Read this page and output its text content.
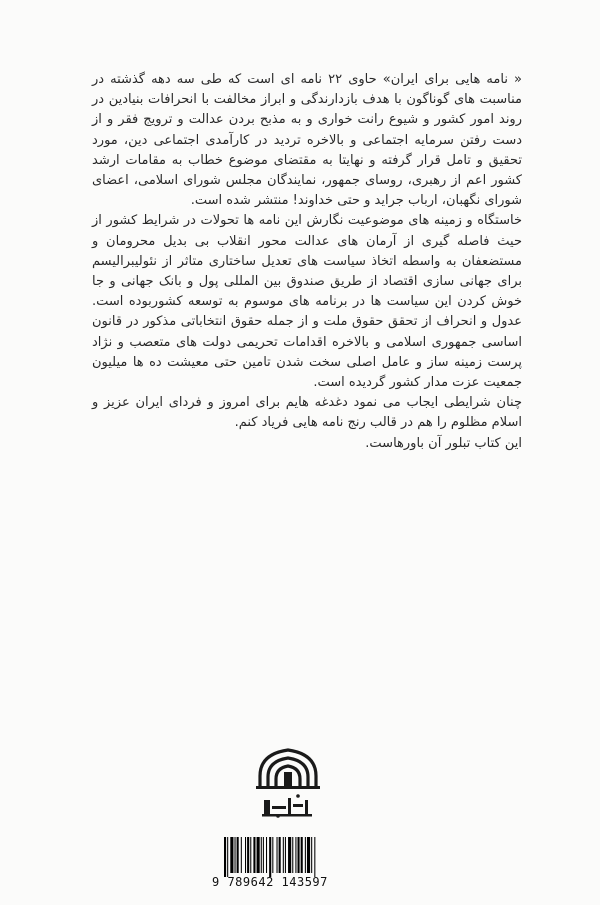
« نامه هایی برای ایران» حاوی ۲۲ نامه ای است که طی سه دهه گذشته در مناسبت های گوناگون با هدف بازدارندگی و ابراز مخالفت با انحرافات بنیادین در روند امور کشور و شیوع رانت خواری و به مذبح بردن عدالت و ترویج فقر و از دست رفتن سرمایه اجتماعی و بالاخره تردید در کارآمدی اجتماعی دین، مورد تحقیق و تامل قرار گرفته و نهایتا به مقتضای موضوع خطاب به مقامات ارشد کشور اعم از رهبری، روسای جمهور، نمایندگان مجلس شورای اسلامی، اعضای شورای نگهبان، ارباب جراید و حتی خداوند! منتشر شده است.

خاستگاه و زمینه های موضوعیت نگارش این نامه ها تحولات در شرایط کشور از حیث فاصله گیری از آرمان های عدالت محور انقلاب بی بدیل محرومان و مستضعفان به واسطه اتخاذ سیاست های تعدیل ساختاری متاثر از نئولیبرالیسم برای جهانی سازی اقتصاد از طریق صندوق بین المللی پول و بانک جهانی و جا خوش کردن این سیاست ها در برنامه های موسوم به توسعه کشوربوده است. عدول و انحراف از تحقق حقوق ملت و از جمله حقوق انتخاباتی مذکور در قانون اساسی جمهوری اسلامی و بالاخره اقدامات تحریمی دولت های متعصب و نژاد پرست زمینه ساز و عامل اصلی سخت شدن تامین حتی معیشت ده ها میلیون جمعیت عزت مدار کشور گردیده است.

چنان شرایطی ایجاب می نمود دغدغه هایم برای امروز و فردای ایران عزیز و اسلام مظلوم را هم در قالب رنج نامه هایی فریاد کنم.

این کتاب تبلور آن باورهاست.

9 789642 143597
